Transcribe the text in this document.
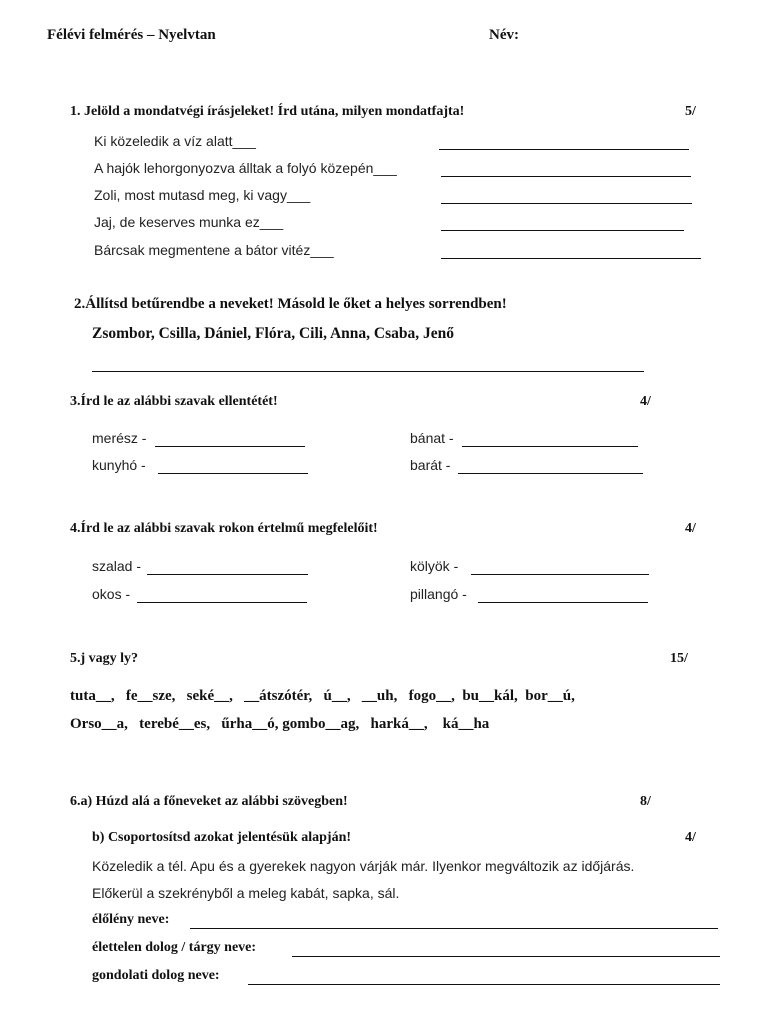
Félévi felmérés – Nyelvtan	Név:
1. Jelöld a mondatvégi írásjeleket! Írd utána, milyen mondatfajta!	5/
Ki közeledik a víz alatt___
A hajók lehorgonyozva álltak a folyó közepén___
Zoli, most mutasd meg, ki vagy___
Jaj, de keserves munka ez___
Bárcsak megmentene a bátor vitéz___
2.Állítsd betűrendbe a neveket! Másold le őket a helyes sorrendben!
Zsombor, Csilla, Dániel, Flóra, Cili, Anna, Csaba, Jenő
3.Írd le az alábbi szavak ellentétét!	4/
merész -	bánat -
kunyhó -	barát -
4.Írd le az alábbi szavak rokon értelmű megfelelőit!	4/
szalad -	kölyök -
okos -	pillangó -
5.j vagy ly?	15/
tuta__,   fe__sze,   seké__,   __átszótér,   ú__,   __uh,   fogo__,  bu__kál,  bor__ú,
Orso__a,   terebé__es,   űrha__ó, gombo__ag,   harká__,    ká__ha
6.a) Húzd alá a főneveket az alábbi szövegben!	8/
b) Csoportosítsd azokat jelentésük alapján!	4/
Közeledik a tél. Apu és a gyerekek nagyon várják már. Ilyenkor megváltozik az időjárás.
Előkerül a szekrényből a meleg kabát, sapka, sál.
élőlény neve:
élettelen dolog / tárgy neve:
gondolati dolog neve:
